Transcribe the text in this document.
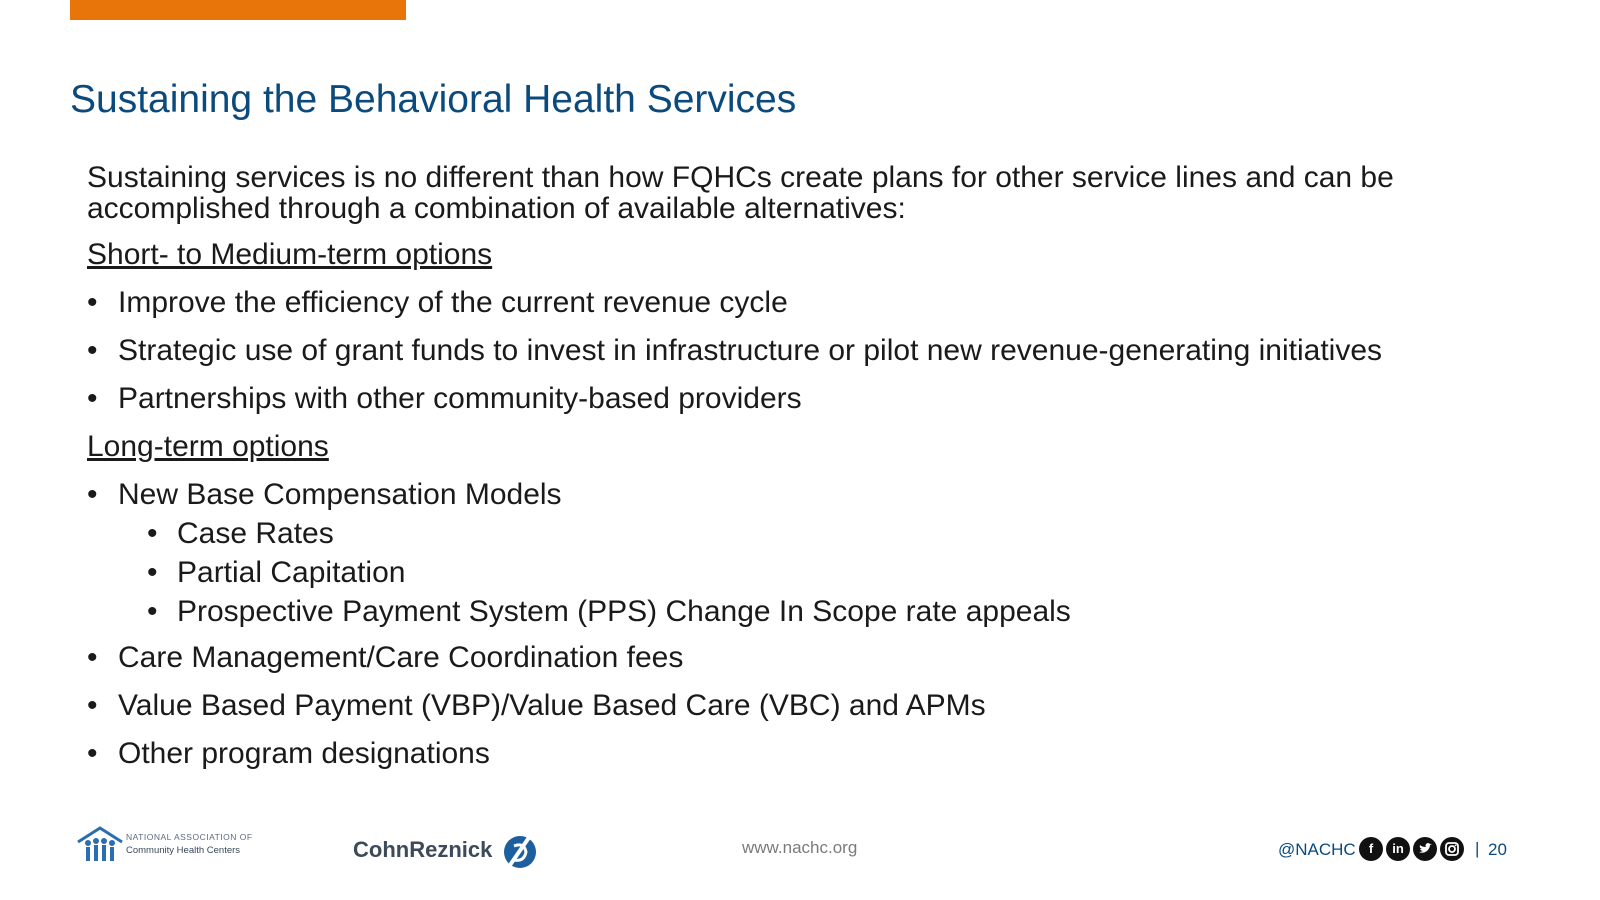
Sustaining the Behavioral Health Services

Sustaining services is no different than how FQHCs create plans for other service lines and can be accomplished through a combination of available alternatives:

Short- to Medium-term options
• Improve the efficiency of the current revenue cycle
• Strategic use of grant funds to invest in infrastructure or pilot new revenue-generating initiatives
• Partnerships with other community-based providers
Long-term options
• New Base Compensation Models
• Case Rates
• Partial Capitation
• Prospective Payment System (PPS) Change In Scope rate appeals
• Care Management/Care Coordination fees
• Value Based Payment (VBP)/Value Based Care (VBC) and APMs
• Other program designations
NATIONAL ASSOCIATION OF
Community Health Centers	CohnReznick	www.nachc.org	@NACHC	f	in	| 20
